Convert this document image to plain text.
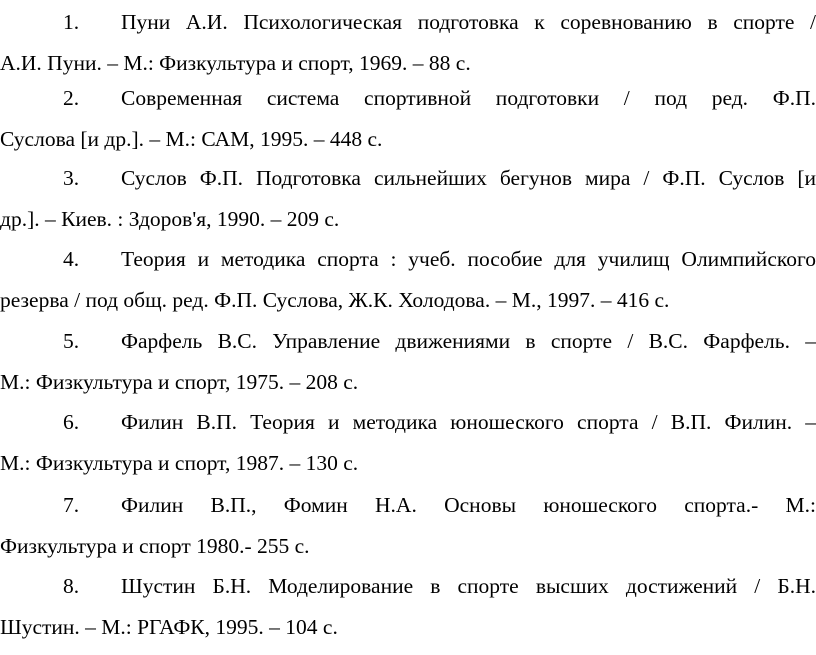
1. Пуни А.И. Психологическая подготовка к соревнованию в спорте /
А.И. Пуни. – М.: Физкультура и спорт, 1969. – 88 с.
2. Современная система спортивной подготовки / под ред. Ф.П.
Суслова [и др.]. – М.: САМ, 1995. – 448 с.
3. Суслов Ф.П. Подготовка сильнейших бегунов мира / Ф.П. Суслов [и
др.]. – Киев. : Здоров'я, 1990. – 209 с.
4. Теория и методика спорта : учеб. пособие для училищ Олимпийского
резерва / под общ. ред. Ф.П. Суслова, Ж.К. Холодова. – М., 1997. – 416 с.
5. Фарфель В.С. Управление движениями в спорте / В.С. Фарфель. –
М.: Физкультура и спорт, 1975. – 208 с.
6. Филин В.П. Теория и методика юношеского спорта / В.П. Филин. –
М.: Физкультура и спорт, 1987. – 130 с.
7. Филин В.П., Фомин Н.А. Основы юношеского спорта.- М.:
Физкультура и спорт 1980.- 255 с.
8. Шустин Б.Н. Моделирование в спорте высших достижений / Б.Н.
Шустин. – М.: РГАФК, 1995. – 104 с.
